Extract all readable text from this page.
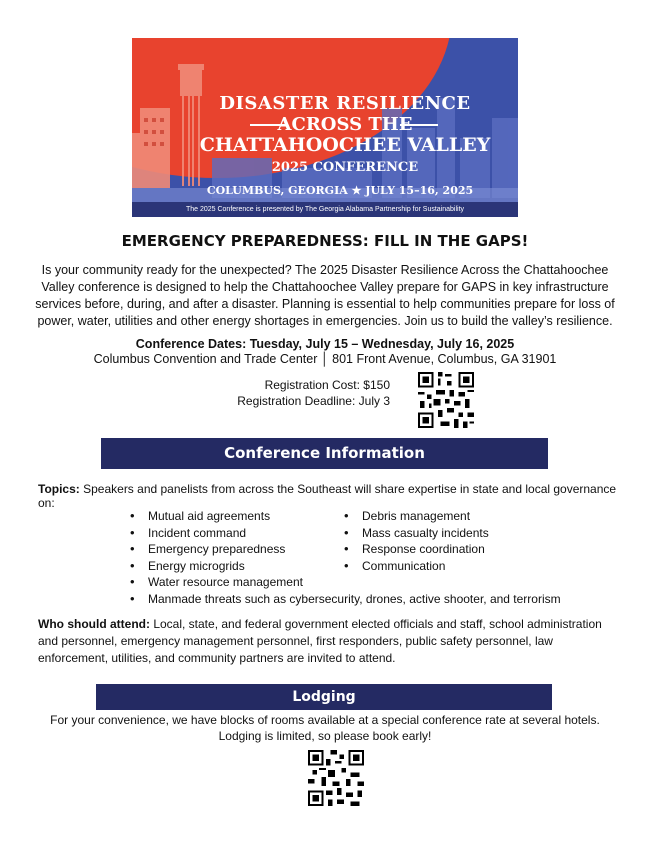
DISASTER RESILIENCE
ACROSS THE
CHATTAHOOCHEE VALLEY
2025 CONFERENCE
COLUMBUS, GEORGIA ★ JULY 15–16, 2025
The 2025 Conference is presented by The Georgia Alabama Partnership for Sustainability
EMERGENCY PREPAREDNESS: FILL IN THE GAPS!
Is your community ready for the unexpected? The 2025 Disaster Resilience Across the Chattahoochee Valley conference is designed to help the Chattahoochee Valley prepare for GAPS in key infrastructure services before, during, and after a disaster. Planning is essential to help communities prepare for loss of power, water, utilities and other energy shortages in emergencies. Join us to build the valley’s resilience.
Conference Dates: Tuesday, July 15 – Wednesday, July 16, 2025
Columbus Convention and Trade Center │ 801 Front Avenue, Columbus, GA 31901
Registration Cost: $150
Registration Deadline: July 3
Conference Information
Topics: Speakers and panelists from across the Southeast will share expertise in state and local governance on:
• Mutual aid agreements
• Incident command
• Emergency preparedness
• Energy microgrids
• Water resource management
• Manmade threats such as cybersecurity, drones, active shooter, and terrorism
• Debris management
• Mass casualty incidents
• Response coordination
• Communication
Who should attend: Local, state, and federal government elected officials and staff, school administration and personnel, emergency management personnel, first responders, public safety personnel, law enforcement, utilities, and community partners are invited to attend.
Lodging
For your convenience, we have blocks of rooms available at a special conference rate at several hotels. Lodging is limited, so please book early!
